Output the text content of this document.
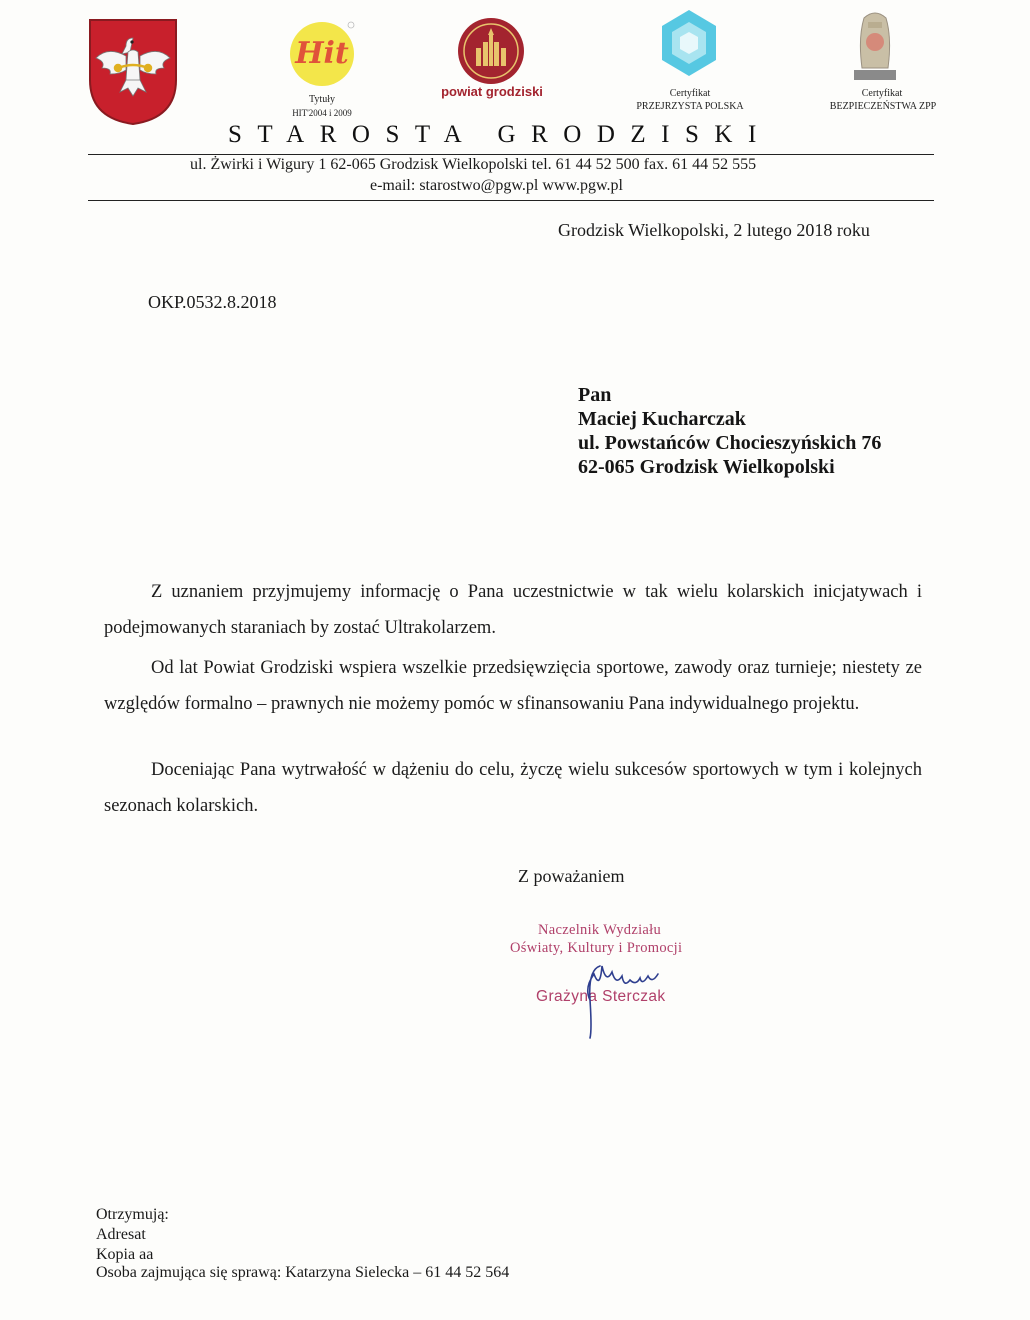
Hit
Tytuły
HIT'2004 i 2009
powiat grodziski	Certyfikat
PRZEJRZYSTA POLSKA
Certyfikat
BEZPIECZEŃSTWA ZPP
STAROSTA GRODZISKI
ul. Żwirki i Wigury 1 62-065 Grodzisk Wielkopolski tel. 61 44 52 500 fax. 61 44 52 555
e-mail: starostwo@pgw.pl www.pgw.pl
Grodzisk Wielkopolski, 2 lutego 2018 roku
OKP.0532.8.2018
Pan
Maciej Kucharczak
ul. Powstańców Chocieszyńskich 76
62-065 Grodzisk Wielkopolski

Z uznaniem przyjmujemy informację o Pana uczestnictwie w tak wielu kolarskich inicjatywach i podejmowanych staraniach by zostać Ultrakolarzem.

Od lat Powiat Grodziski wspiera wszelkie przedsięwzięcia sportowe, zawody oraz turnieje; niestety ze względów formalno – prawnych nie możemy pomóc w sfinansowaniu Pana indywidualnego projektu.

Doceniając Pana wytrwałość w dążeniu do celu, życzę wielu sukcesów sportowych w tym i kolejnych sezonach kolarskich.

Z poważaniem
Naczelnik Wydziału
Oświaty, Kultury i Promocji
Grażyna Sterczak
Otrzymują:
Adresat
Kopia aa
Osoba zajmująca się sprawą: Katarzyna Sielecka – 61 44 52 564
